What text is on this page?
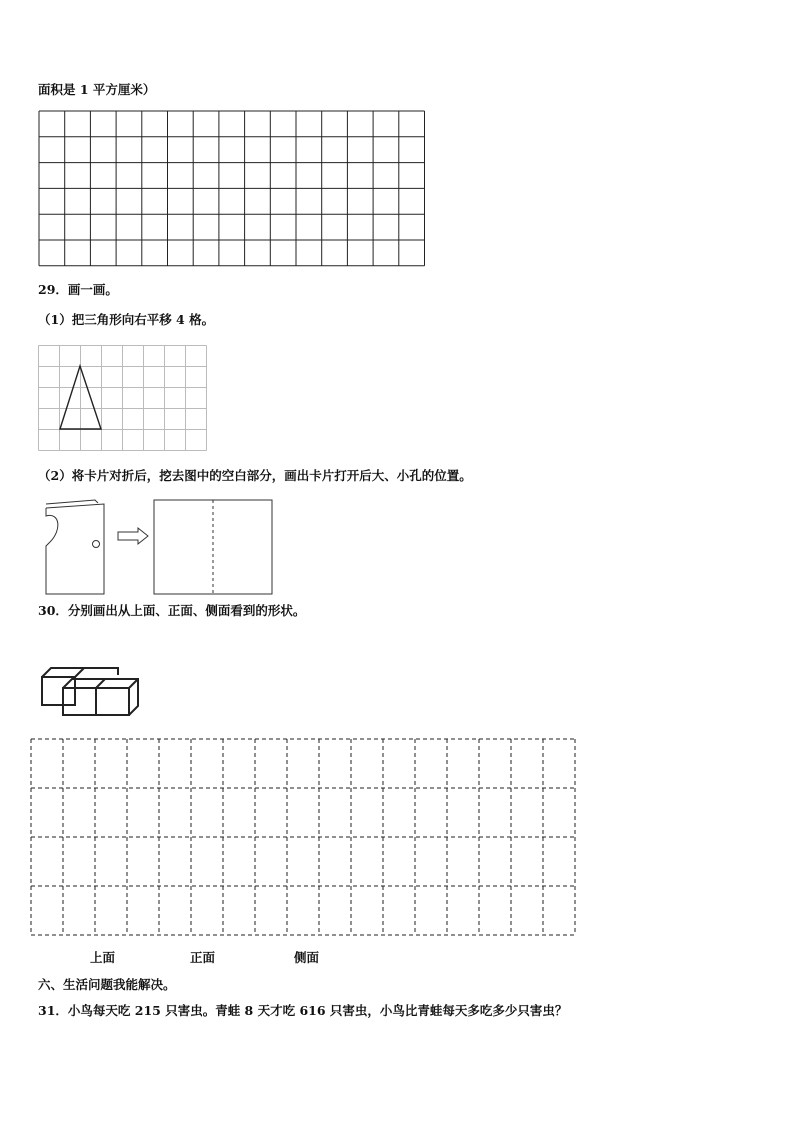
面积是 1 平方厘米）
29．画一画。
（1）把三角形向右平移 4 格。
（2）将卡片对折后，挖去图中的空白部分，画出卡片打开后大、小孔的位置。
30．分别画出从上面、正面、侧面看到的形状。
上面	正面	侧面
六、生活问题我能解决。
31．小鸟每天吃 215 只害虫。青蛙 8 天才吃 616 只害虫，小鸟比青蛙每天多吃多少只害虫？
